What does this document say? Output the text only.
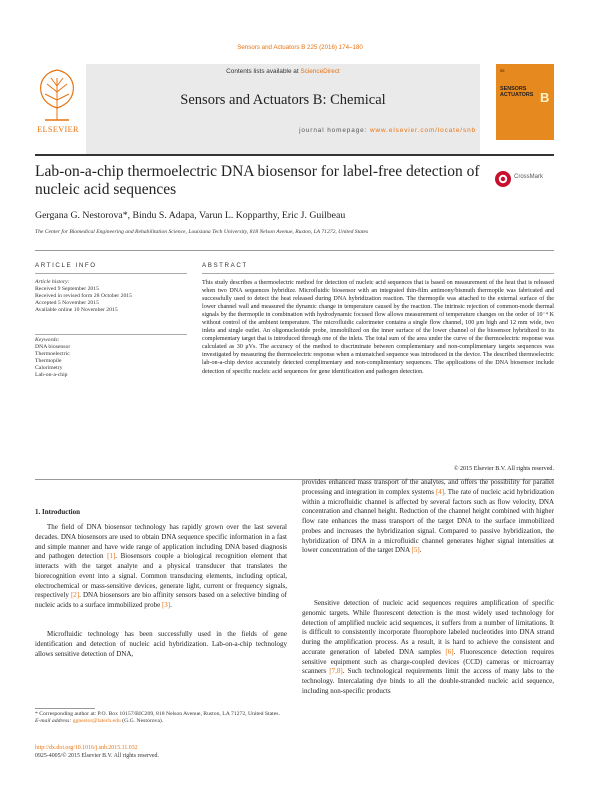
Sensors and Actuators B 225 (2016) 174–180
ELSEVIER
Contents lists available at ScienceDirect
Sensors and Actuators B: Chemical
journal homepage: www.elsevier.com/locate/snb
55
SENSORS
ACTUATORS B
Lab-on-a-chip thermoelectric DNA biosensor for label-free detection of nucleic acid sequences
CrossMark
Gergana G. Nestorova*, Bindu S. Adapa, Varun L. Kopparthy, Eric J. Guilbeau
The Center for Biomedical Engineering and Rehabilitation Science, Louisiana Tech University, 818 Nelson Avenue, Ruston, LA 71272, United States
ARTICLE INFO
Article history:
Received 9 September 2015
Received in revised form 28 October 2015
Accepted 5 November 2015
Available online 10 November 2015
Keywords:
DNA biosensor
Thermoelectric
Thermopile
Calorimetry
Lab-on-a-chip
ABSTRACT
This study describes a thermoelectric method for detection of nucleic acid sequences that is based on measurement of the heat that is released when two DNA sequences hybridize. Microfluidic biosensor with an integrated thin-film antimony/bismuth thermopile was fabricated and successfully used to detect the heat released during DNA hybridization reaction. The thermopile was attached to the external surface of the lower channel wall and measured the dynamic change in temperature caused by the reaction. The intrinsic rejection of common-mode thermal signals by the thermopile in combination with hydrodynamic focused flow allows measurement of temperature changes on the order of 10⁻⁴ K without control of the ambient temperature. The microfluidic calorimeter contains a single flow channel, 100 μm high and 12 mm wide, two inlets and single outlet. An oligonucleotide probe, immobilized on the inner surface of the lower channel of the biosensor hybridized to its complementary target that is introduced through one of the inlets. The total sum of the area under the curve of the thermoelectric response was calculated as 30 μVs. The accuracy of the method to discriminate between complementary and non-complimentary targets sequences was investigated by measuring the thermoelectric response when a mismatched sequence was introduced in the device. The described thermoelectric lab-on-a-chip device accurately detected complimentary and non-complimentary sequences. The applications of the DNA biosensor include detection of specific nucleic acid sequences for gene identification and pathogen detection.
© 2015 Elsevier B.V. All rights reserved.
1. Introduction
The field of DNA biosensor technology has rapidly grown over the last several decades. DNA biosensors are used to obtain DNA sequence specific information in a fast and simple manner and have wide range of application including DNA based diagnosis and pathogen detection [1]. Biosensors couple a biological recognition element that interacts with the target analyte and a physical transducer that translates the biorecognition event into a signal. Common transducing elements, including optical, electrochemical or mass-sensitive devices, generate light, current or frequency signals, respectively [2]. DNA biosensors are bio affinity sensors based on a selective binding of nucleic acids to a surface immobilized probe [3].
Microfluidic technology has been successfully used in the fields of gene identification and detection of nucleic acid hybridization. Lab-on-a-chip technology allows sensitive detection of DNA,
provides enhanced mass transport of the analytes, and offers the possibility for parallel processing and integration in complex systems [4]. The rate of nucleic acid hybridization within a microfluidic channel is affected by several factors such as flow velocity, DNA concentration and channel height. Reduction of the channel height combined with higher flow rate enhances the mass transport of the target DNA to the surface immobilized probes and increases the hybridization signal. Compared to passive hybridization, the hybridization of DNA in a microfluidic channel generates higher signal intensities at lower concentration of the target DNA [5].
Sensitive detection of nucleic acid sequences requires amplification of specific genomic targets. While fluorescent detection is the most widely used technology for detection of amplified nucleic acid sequences, it suffers from a number of limitations. It is difficult to consistently incorporate fluorophore labeled nucleotides into DNA strand during the amplification process. As a result, it is hard to achieve the consistent and accurate generation of labeled DNA samples [6]. Fluorescence detection requires sensitive equipment such as charge-coupled devices (CCD) cameras or microarray scanners [7,8]. Such technological requirements limit the access of many labs to the technology. Intercalating dye binds to all the double-stranded nucleic acid sequence, including non-specific products
* Corresponding author at: P.O. Box 10157/BIC209, 818 Nelson Avenue, Ruston, LA 71272, United States.
E-mail address: ggnestor@latech.edu (G.G. Nestorova).
http://dx.doi.org/10.1016/j.snb.2015.11.032
0925-4005/© 2015 Elsevier B.V. All rights reserved.
